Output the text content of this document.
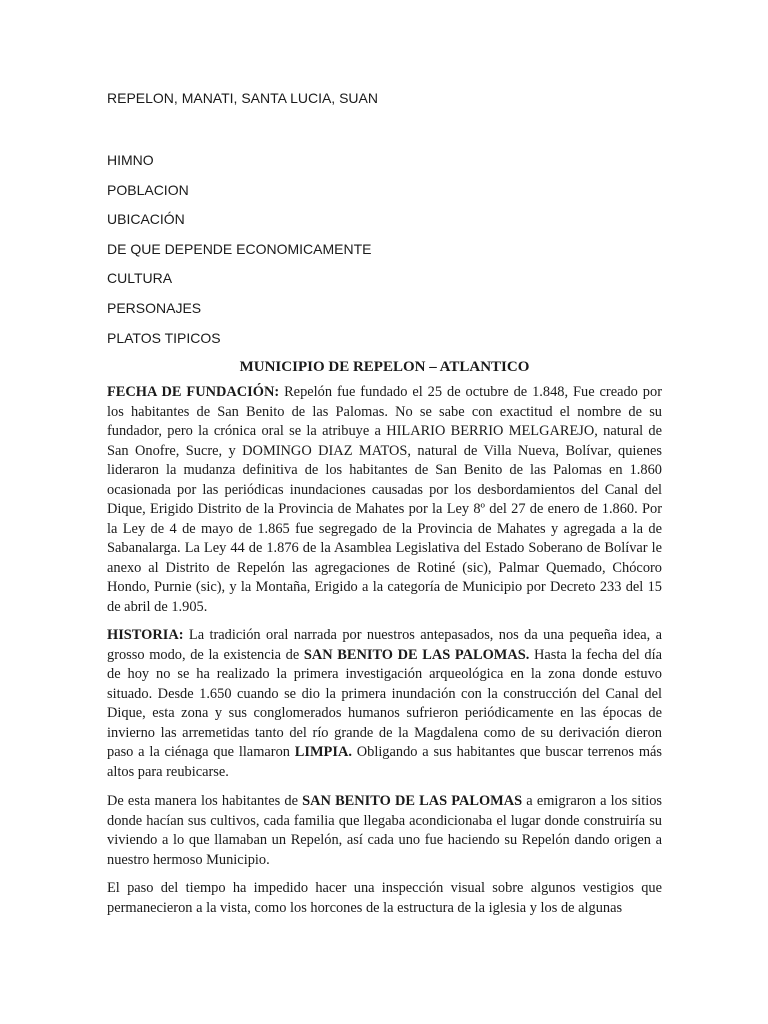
REPELON, MANATI, SANTA LUCIA, SUAN
HIMNO
POBLACION
UBICACIÓN
DE QUE DEPENDE ECONOMICAMENTE
CULTURA
PERSONAJES
PLATOS TIPICOS
MUNICIPIO DE REPELON – ATLANTICO

FECHA DE FUNDACIÓN: Repelón fue fundado el 25 de octubre de 1.848, Fue creado por los habitantes de San Benito de las Palomas. No se sabe con exactitud el nombre de su fundador, pero la crónica oral se la atribuye a HILARIO BERRIO MELGAREJO, natural de San Onofre, Sucre, y DOMINGO DIAZ MATOS, natural de Villa Nueva, Bolívar, quienes lideraron la mudanza definitiva de los habitantes de San Benito de las Palomas en 1.860 ocasionada por las periódicas inundaciones causadas por los desbordamientos del Canal del Dique, Erigido Distrito de la Provincia de Mahates por la Ley 8º del 27 de enero de 1.860. Por la Ley de 4 de mayo de 1.865 fue segregado de la Provincia de Mahates y agregada a la de Sabanalarga. La Ley 44 de 1.876 de la Asamblea Legislativa del Estado Soberano de Bolívar le anexo al Distrito de Repelón las agregaciones de Rotiné (sic), Palmar Quemado, Chócoro Hondo, Purnie (sic), y la Montaña, Erigido a la categoría de Municipio por Decreto 233 del 15 de abril de 1.905.

HISTORIA: La tradición oral narrada por nuestros antepasados, nos da una pequeña idea, a grosso modo, de la existencia de SAN BENITO DE LAS PALOMAS. Hasta la fecha del día de hoy no se ha realizado la primera investigación arqueológica en la zona donde estuvo situado. Desde 1.650 cuando se dio la primera inundación con la construcción del Canal del Dique, esta zona y sus conglomerados humanos sufrieron periódicamente en las épocas de invierno las arremetidas tanto del río grande de la Magdalena como de su derivación dieron paso a la ciénaga que llamaron LIMPIA. Obligando a sus habitantes que buscar terrenos más altos para reubicarse.

De esta manera los habitantes de SAN BENITO DE LAS PALOMAS a emigraron a los sitios donde hacían sus cultivos, cada familia que llegaba acondicionaba el lugar donde construiría su viviendo a lo que llamaban un Repelón, así cada uno fue haciendo su Repelón dando origen a nuestro hermoso Municipio.

El paso del tiempo ha impedido hacer una inspección visual sobre algunos vestigios que permanecieron a la vista, como los horcones de la estructura de la iglesia y los de algunas
